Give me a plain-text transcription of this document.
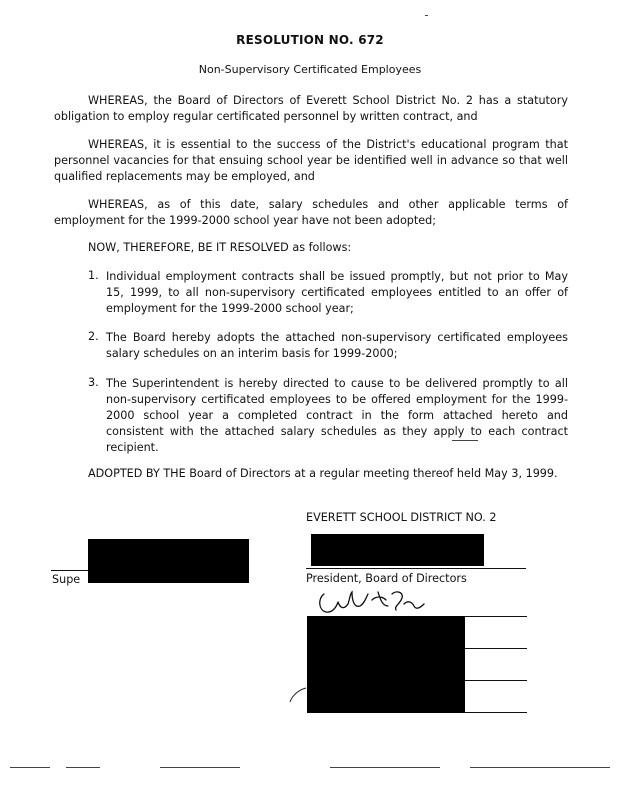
RESOLUTION NO. 672
Non-Supervisory Certificated Employees
WHEREAS, the Board of Directors of Everett School District No. 2 has a statutory obligation to employ regular certificated personnel by written contract, and
WHEREAS, it is essential to the success of the District's educational program that personnel vacancies for that ensuing school year be identified well in advance so that well qualified replacements may be employed, and
WHEREAS, as of this date, salary schedules and other applicable terms of employment for the 1999-2000 school year have not been adopted;
NOW, THEREFORE, BE IT RESOLVED as follows:
1. Individual employment contracts shall be issued promptly, but not prior to May 15, 1999, to all non-supervisory certificated employees entitled to an offer of employment for the 1999-2000 school year;
2. The Board hereby adopts the attached non-supervisory certificated employees salary schedules on an interim basis for 1999-2000;
3. The Superintendent is hereby directed to cause to be delivered promptly to all non-supervisory certificated employees to be offered employment for the 1999-2000 school year a completed contract in the form attached hereto and consistent with the attached salary schedules as they apply to each contract recipient.
ADOPTED BY THE Board of Directors at a regular meeting thereof held May 3, 1999.
EVERETT SCHOOL DISTRICT NO. 2
President, Board of Directors
Supe
